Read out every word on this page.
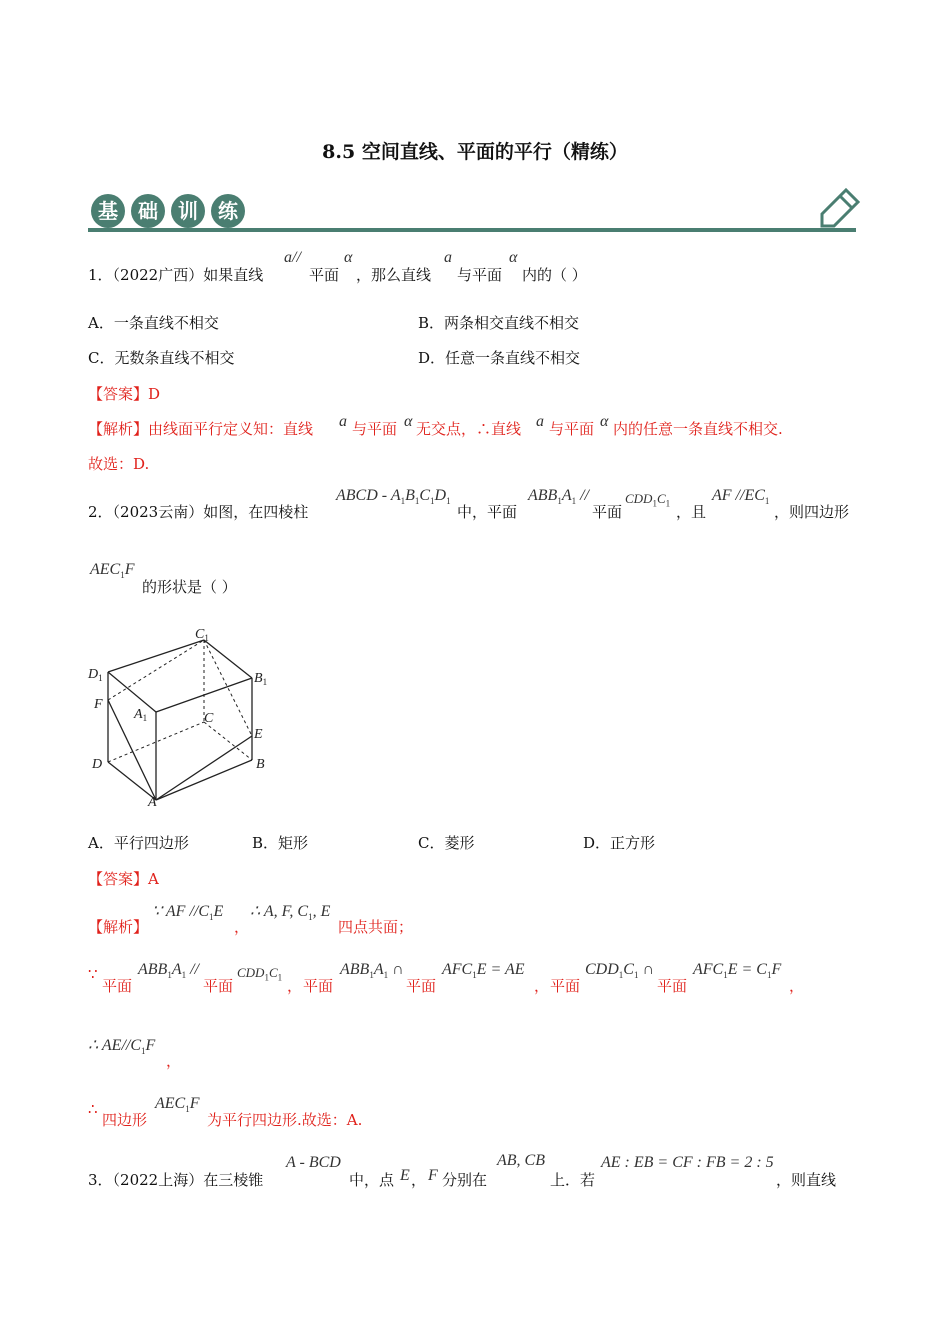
8.5 空间直线、平面的平行（精练）
基	础	训	练
1．（2022广西）如果直线
a//
平面
α
，那么直线
a
与平面
α
内的（ ）
A．一条直线不相交	B．两条相交直线不相交
C．无数条直线不相交	D．任意一条直线不相交
【答案】D
【解析】由线面平行定义知：直线 a 与平面 α 无交点，∴直线 a 与平面 α 内的任意一条直线不相交.
故选：D.
2．（2023云南）如图，在四棱柱
ABCD - $A_1B_1C_1D_1$
中，平面
$ABB_1A_1$ //
平面
$CDD_1C_1$ ，且
AF $//EC_1$
，则四边形
$AEC_1F$
的形状是（ ）
$C_1$
$D_1$	$B_1$
F
$A_1$	C
E
D	B
A
A．平行四边形	B．矩形	C．菱形	D．正方形
【答案】A
【解析】
∵ AF $//C_1E$
，
∴ A, F, $C_1$, E
四点共面；
∵
平面
$ABB_1A_1$ //
平面
$CDD_1C_1$ ， 平面
$ABB_1A_1$ ∩
平面
$AFC_1E$ = AE
， 平面
$CDD_1C_1$ ∩
平面
$AFC_1E = C_1F$
，
∴ $AE//C_1F$
，
∴
四边形
$AEC_1F$
为平行四边形.故选：A.
3．（2022上海）在三棱锥
A - BCD
中，点 E ， F 分别在
AB, CB
上．若
AE : EB = CF : FB = 2 : 5
，则直线
